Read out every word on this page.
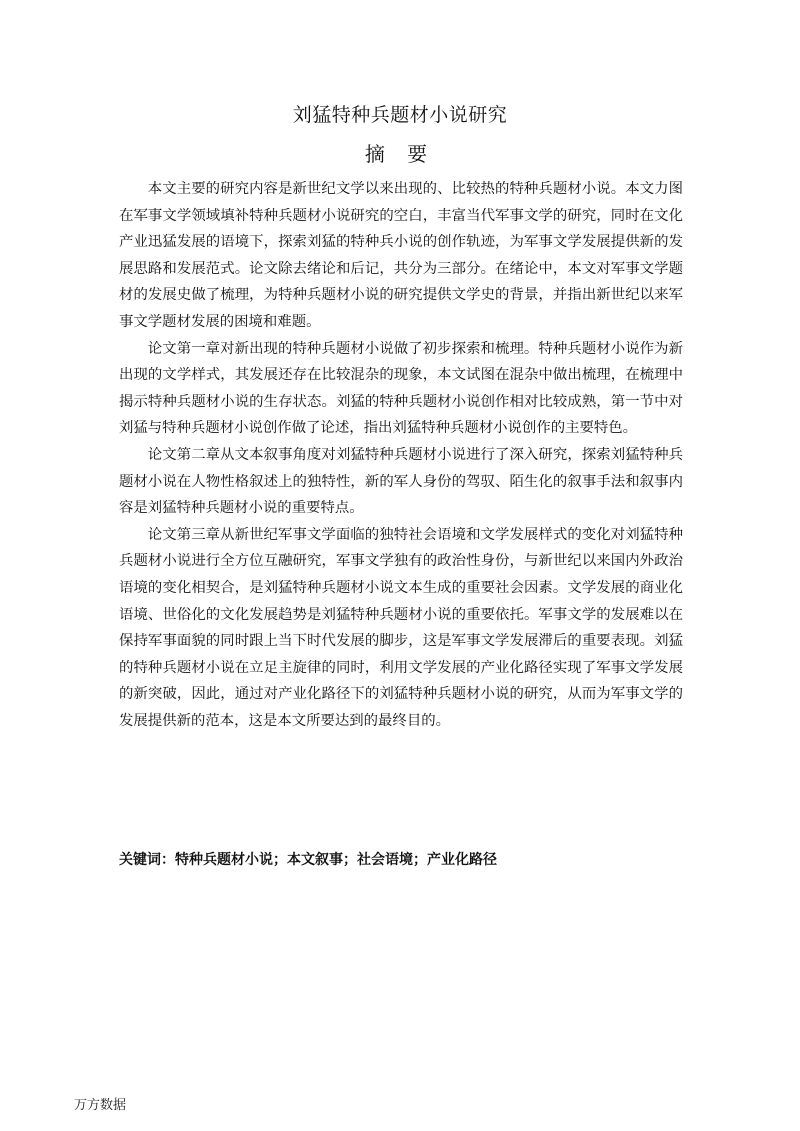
刘猛特种兵题材小说研究
摘 要

本文主要的研究内容是新世纪文学以来出现的、比较热的特种兵题材小说。本文力图在军事文学领域填补特种兵题材小说研究的空白，丰富当代军事文学的研究，同时在文化产业迅猛发展的语境下，探索刘猛的特种兵小说的创作轨迹，为军事文学发展提供新的发展思路和发展范式。论文除去绪论和后记，共分为三部分。在绪论中，本文对军事文学题材的发展史做了梳理，为特种兵题材小说的研究提供文学史的背景，并指出新世纪以来军事文学题材发展的困境和难题。

论文第一章对新出现的特种兵题材小说做了初步探索和梳理。特种兵题材小说作为新出现的文学样式，其发展还存在比较混杂的现象，本文试图在混杂中做出梳理，在梳理中揭示特种兵题材小说的生存状态。刘猛的特种兵题材小说创作相对比较成熟，第一节中对刘猛与特种兵题材小说创作做了论述，指出刘猛特种兵题材小说创作的主要特色。

论文第二章从文本叙事角度对刘猛特种兵题材小说进行了深入研究，探索刘猛特种兵题材小说在人物性格叙述上的独特性，新的军人身份的驾驭、陌生化的叙事手法和叙事内容是刘猛特种兵题材小说的重要特点。

论文第三章从新世纪军事文学面临的独特社会语境和文学发展样式的变化对刘猛特种兵题材小说进行全方位互融研究，军事文学独有的政治性身份，与新世纪以来国内外政治语境的变化相契合，是刘猛特种兵题材小说文本生成的重要社会因素。文学发展的商业化语境、世俗化的文化发展趋势是刘猛特种兵题材小说的重要依托。军事文学的发展难以在保持军事面貌的同时跟上当下时代发展的脚步，这是军事文学发展滞后的重要表现。刘猛的特种兵题材小说在立足主旋律的同时，利用文学发展的产业化路径实现了军事文学发展的新突破，因此，通过对产业化路径下的刘猛特种兵题材小说的研究，从而为军事文学的发展提供新的范本，这是本文所要达到的最终目的。

关键词：特种兵题材小说；本文叙事；社会语境；产业化路径
万方数据
